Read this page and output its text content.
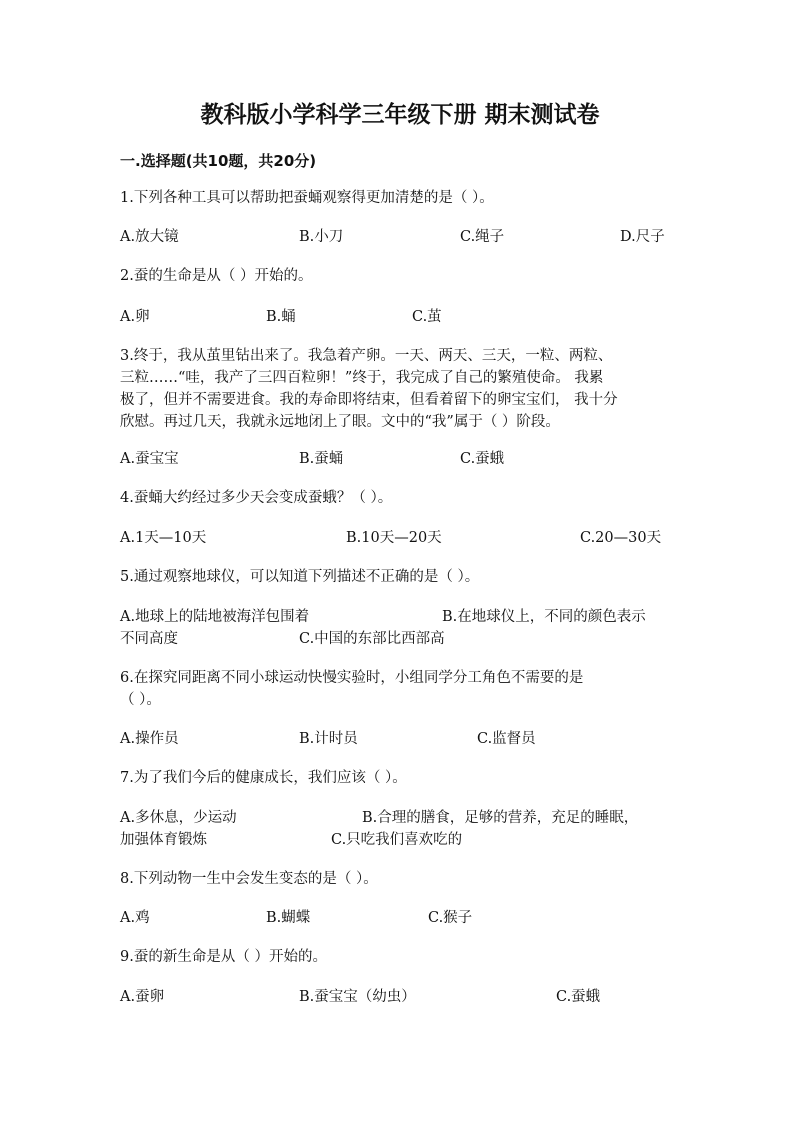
教科版小学科学三年级下册 期末测试卷
一.选择题(共10题，共20分)
1.下列各种工具可以帮助把蚕蛹观察得更加清楚的是（ ）。
A.放大镜	B.小刀	C.绳子	D.尺子
2.蚕的生命是从（ ）开始的。
A.卵	B.蛹	C.茧
3.终于，我从茧里钻出来了。我急着产卵。一天、两天、三天，一粒、两粒、
三粒……“哇，我产了三四百粒卵！”终于，我完成了自己的繁殖使命。 我累
极了，但并不需要进食。我的寿命即将结束，但看着留下的卵宝宝们， 我十分
欣慰。再过几天，我就永远地闭上了眼。文中的“我”属于（ ）阶段。
A.蚕宝宝	B.蚕蛹	C.蚕蛾
4.蚕蛹大约经过多少天会变成蚕蛾？（ ）。
A.1天—10天	B.10天—20天	C.20—30天
5.通过观察地球仪，可以知道下列描述不正确的是（ ）。
A.地球上的陆地被海洋包围着	B.在地球仪上，不同的颜色表示
不同高度	C.中国的东部比西部高
6.在探究同距离不同小球运动快慢实验时，小组同学分工角色不需要的是
（ ）。
A.操作员	B.计时员	C.监督员
7.为了我们今后的健康成长，我们应该（ ）。
A.多休息，少运动	B.合理的膳食，足够的营养，充足的睡眠，
加强体育锻炼	C.只吃我们喜欢吃的
8.下列动物一生中会发生变态的是（ ）。
A.鸡	B.蝴蝶	C.猴子
9.蚕的新生命是从（ ）开始的。
A.蚕卵	B.蚕宝宝（幼虫）	C.蚕蛾
